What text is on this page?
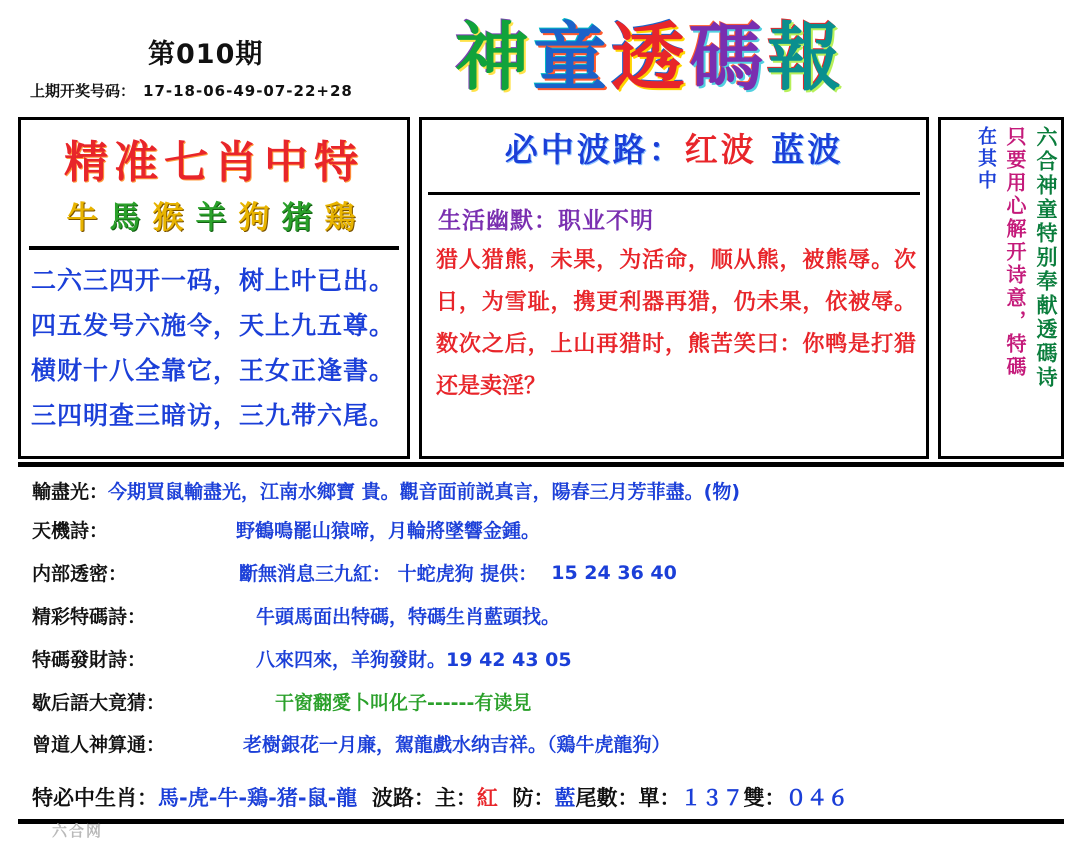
第010期
上期开奖号码： 17-18-06-49-07-22+28 神童透碼報
精准七肖中特
牛 馬 猴 羊 狗 猪 鶏
二六三四开一码，树上叶已出。
四五发号六施令，天上九五尊。
横财十八全靠它，王女正逢書。
三四明查三暗访，三九带六尾。
必中波路：红波 蓝波
生活幽默：职业不明
猎人猎熊，未果，为活命，顺从熊，被熊辱。次日，为雪耻，携更利器再猎，仍未果，依被辱。数次之后，上山再猎时，熊苦笑曰：你鸭是打猎还是卖淫？	六合神童特别奉献透碼诗
只要用心解开诗意，特碼
在其中
輸盡光：今期買鼠輸盡光，江南水鄉寶 貴。觀音面前説真言，陽春三月芳菲盡。(物)
天機詩：	野鶴鳴罷山猿啼，月輪將墜響金鍾。
内部透密：	斷無消息三九紅： 十蛇虎狗 提供： 15 24 36 40
精彩特碼詩：	牛頭馬面出特碼，特碼生肖藍頭找。
特碼發財詩：	八來四來，羊狗發財。19 42 43 05
歇后語大竟猜：	干窗翻愛卜叫化子------有读見
曾道人神算通：	老樹銀花一月廉，駕龍戲水纳吉祥。（鶏牛虎龍狗）
特必中生肖：馬-虎-牛-鶏-猪-鼠-龍 波路：主：紅 防：藍尾數：單：１３７雙：０４６
六合网
